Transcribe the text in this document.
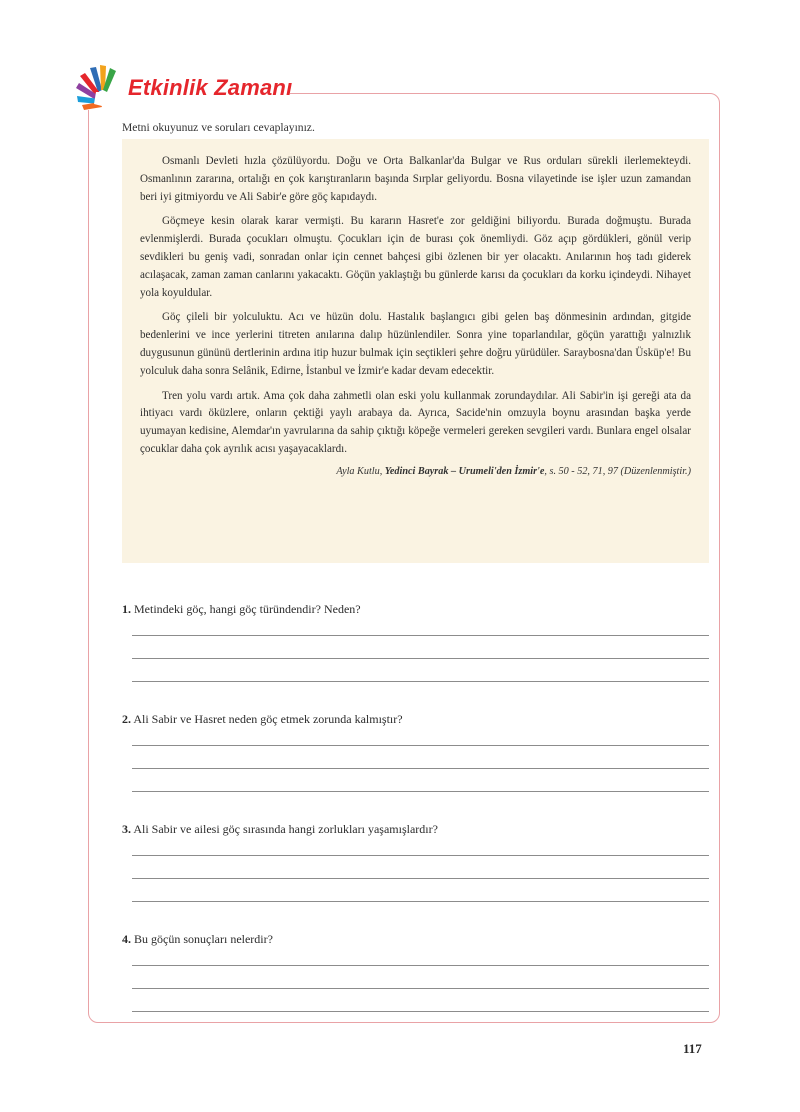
Etkinlik Zamanı
Metni okuyunuz ve soruları cevaplayınız.

Osmanlı Devleti hızla çözülüyordu. Doğu ve Orta Balkanlar'da Bulgar ve Rus orduları sürekli ilerlemekteydi. Osmanlının zararına, ortalığı en çok karıştıranların başında Sırplar geliyordu. Bosna vilayetinde ise işler uzun zamandan beri iyi gitmiyordu ve Ali Sabir'e göre göç kapıdaydı.

Göçmeye kesin olarak karar vermişti. Bu kararın Hasret'e zor geldiğini biliyordu. Burada doğmuştu. Burada evlenmişlerdi. Burada çocukları olmuştu. Çocukları için de burası çok önemliydi. Göz açıp gördükleri, gönül verip sevdikleri bu geniş vadi, sonradan onlar için cennet bahçesi gibi özlenen bir yer olacaktı. Anılarının hoş tadı giderek acılaşacak, zaman zaman canlarını yakacaktı. Göçün yaklaştığı bu günlerde karısı da çocukları da korku içindeydi. Nihayet yola koyuldular.

Göç çileli bir yolculuktu. Acı ve hüzün dolu. Hastalık başlangıcı gibi gelen baş dönmesinin ardından, gitgide bedenlerini ve ince yerlerini titreten anılarına dalıp hüzünlendiler. Sonra yine toparlandılar, göçün yarattığı yalnızlık duygusunun gününü dertlerinin ardına itip huzur bulmak için seçtikleri şehre doğru yürüdüler. Saraybosna'dan Üsküp'e! Bu yolculuk daha sonra Selânik, Edirne, İstanbul ve İzmir'e kadar devam edecektir.

Tren yolu vardı artık. Ama çok daha zahmetli olan eski yolu kullanmak zorundaydılar. Ali Sabir'in işi gereği ata da ihtiyacı vardı öküzlere, onların çektiği yaylı arabaya da. Ayrıca, Sacide'nin omzuyla boynu arasından başka yerde uyumayan kedisine, Alemdar'ın yavrularına da sahip çıktığı köpeğe vermeleri gereken sevgileri vardı. Bunlara engel olsalar çocuklar daha çok ayrılık acısı yaşayacaklardı.

Ayla Kutlu, Yedinci Bayrak – Urumeli'den İzmir'e, s. 50 - 52, 71, 97 (Düzenlenmiştir.)
1. Metindeki göç, hangi göç türündendir? Neden?
2. Ali Sabir ve Hasret neden göç etmek zorunda kalmıştır?
3. Ali Sabir ve ailesi göç sırasında hangi zorlukları yaşamışlardır?
4. Bu göçün sonuçları nelerdir?
117
